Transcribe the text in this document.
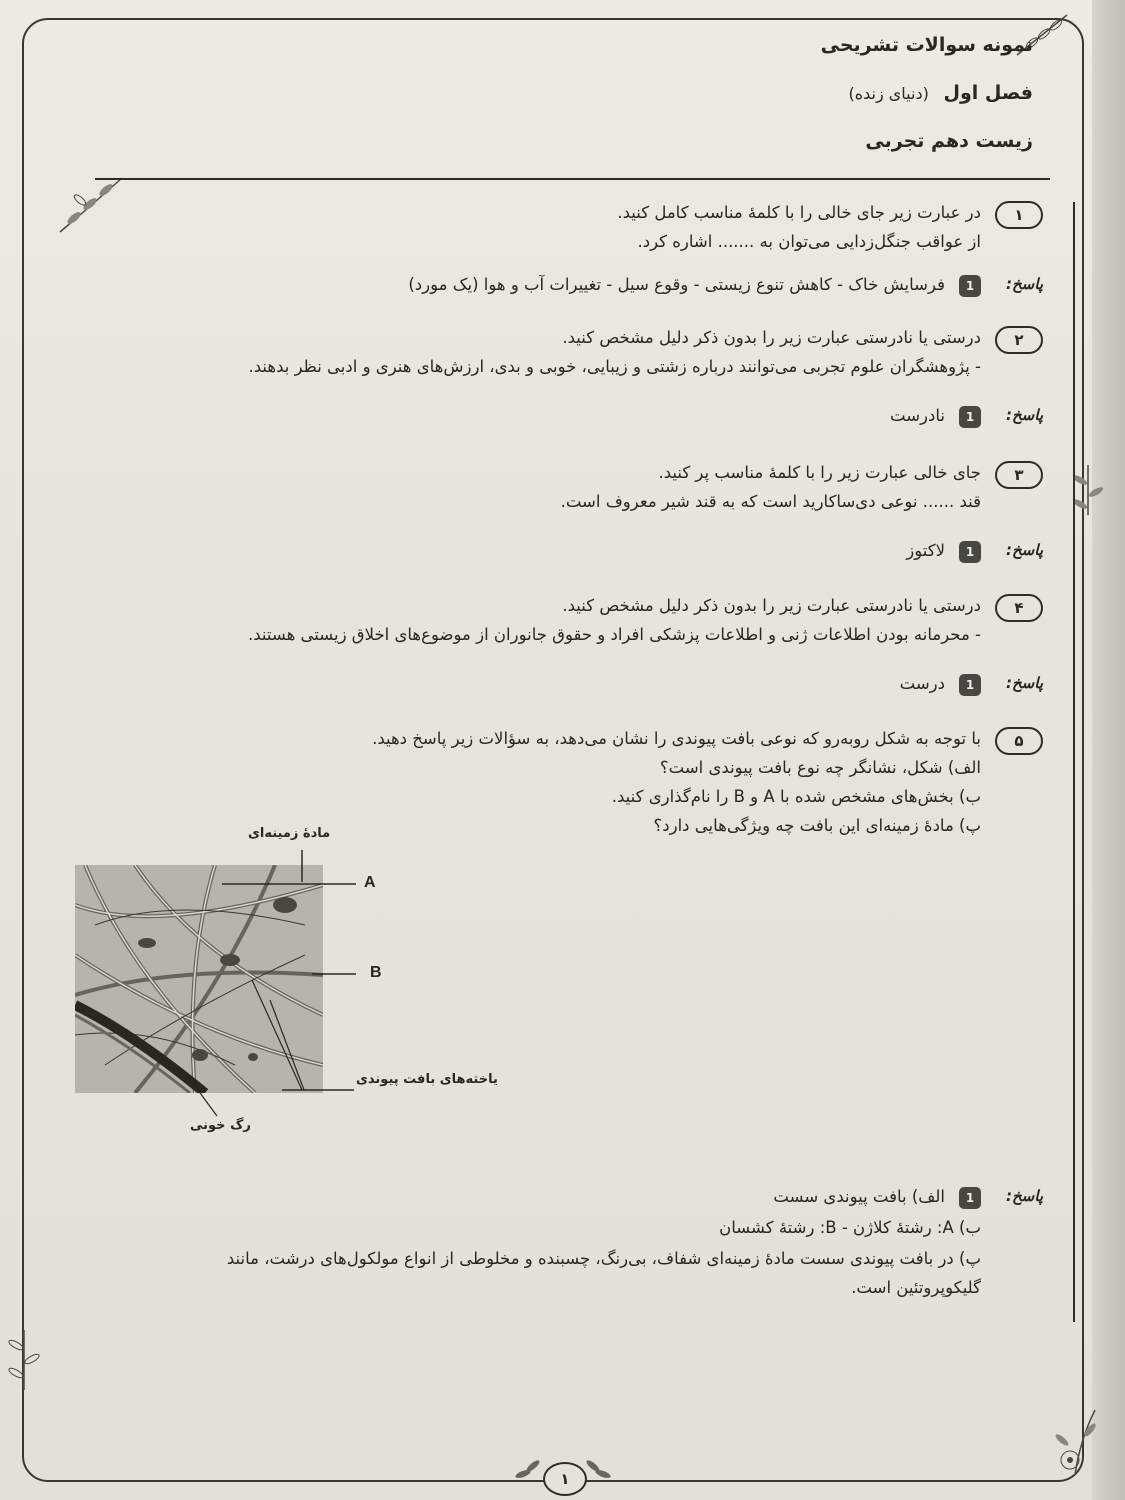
نمونه سوالات تشریحی
فصل اول (دنیای زنده)
زیست دهم تجربی
۱
در عبارت زیر جای خالی را با کلمهٔ مناسب کامل کنید.
از عواقب جنگل‌زدایی می‌توان به ....... اشاره کرد.
پاسخ:
1فرسایش خاک - کاهش تنوع زیستی - وقوع سیل - تغییرات آب و هوا (یک مورد)
۲
درستی یا نادرستی عبارت زیر را بدون ذکر دلیل مشخص کنید.
- پژوهشگران علوم تجربی می‌توانند درباره زشتی و زیبایی، خوبی و بدی، ارزش‌های هنری و ادبی نظر بدهند.
پاسخ:
1نادرست
۳
جای خالی عبارت زیر را با کلمهٔ مناسب پر کنید.
قند ...... نوعی دی‌ساکارید است که به قند شیر معروف است.
پاسخ:
1لاکتوز
۴
درستی یا نادرستی عبارت زیر را بدون ذکر دلیل مشخص کنید.
- محرمانه بودن اطلاعات ژنی و اطلاعات پزشکی افراد و حقوق جانوران از موضوع‌های اخلاق زیستی هستند.
پاسخ:
1درست
۵
با توجه به شکل روبه‌رو که نوعی بافت پیوندی را نشان می‌دهد، به سؤالات زیر پاسخ دهید.
الف) شکل، نشانگر چه نوع بافت پیوندی است؟
ب) بخش‌های مشخص شده با A و B را نام‌گذاری کنید.
پ) مادهٔ زمینه‌ای این بافت چه ویژگی‌هایی دارد؟
پاسخ:
1الف) بافت پیوندی سست
ب) A: رشتهٔ کلاژن - B: رشتهٔ کشسان
پ) در بافت پیوندی سست مادهٔ زمینه‌ای شفاف، بی‌رنگ، چسبنده و مخلوطی از انواع مولکول‌های درشت، مانند
گلیکوپروتئین است.
مادهٔ زمینه‌ای
A
B
یاخته‌های بافت پیوندی
رگ خونی
۱
